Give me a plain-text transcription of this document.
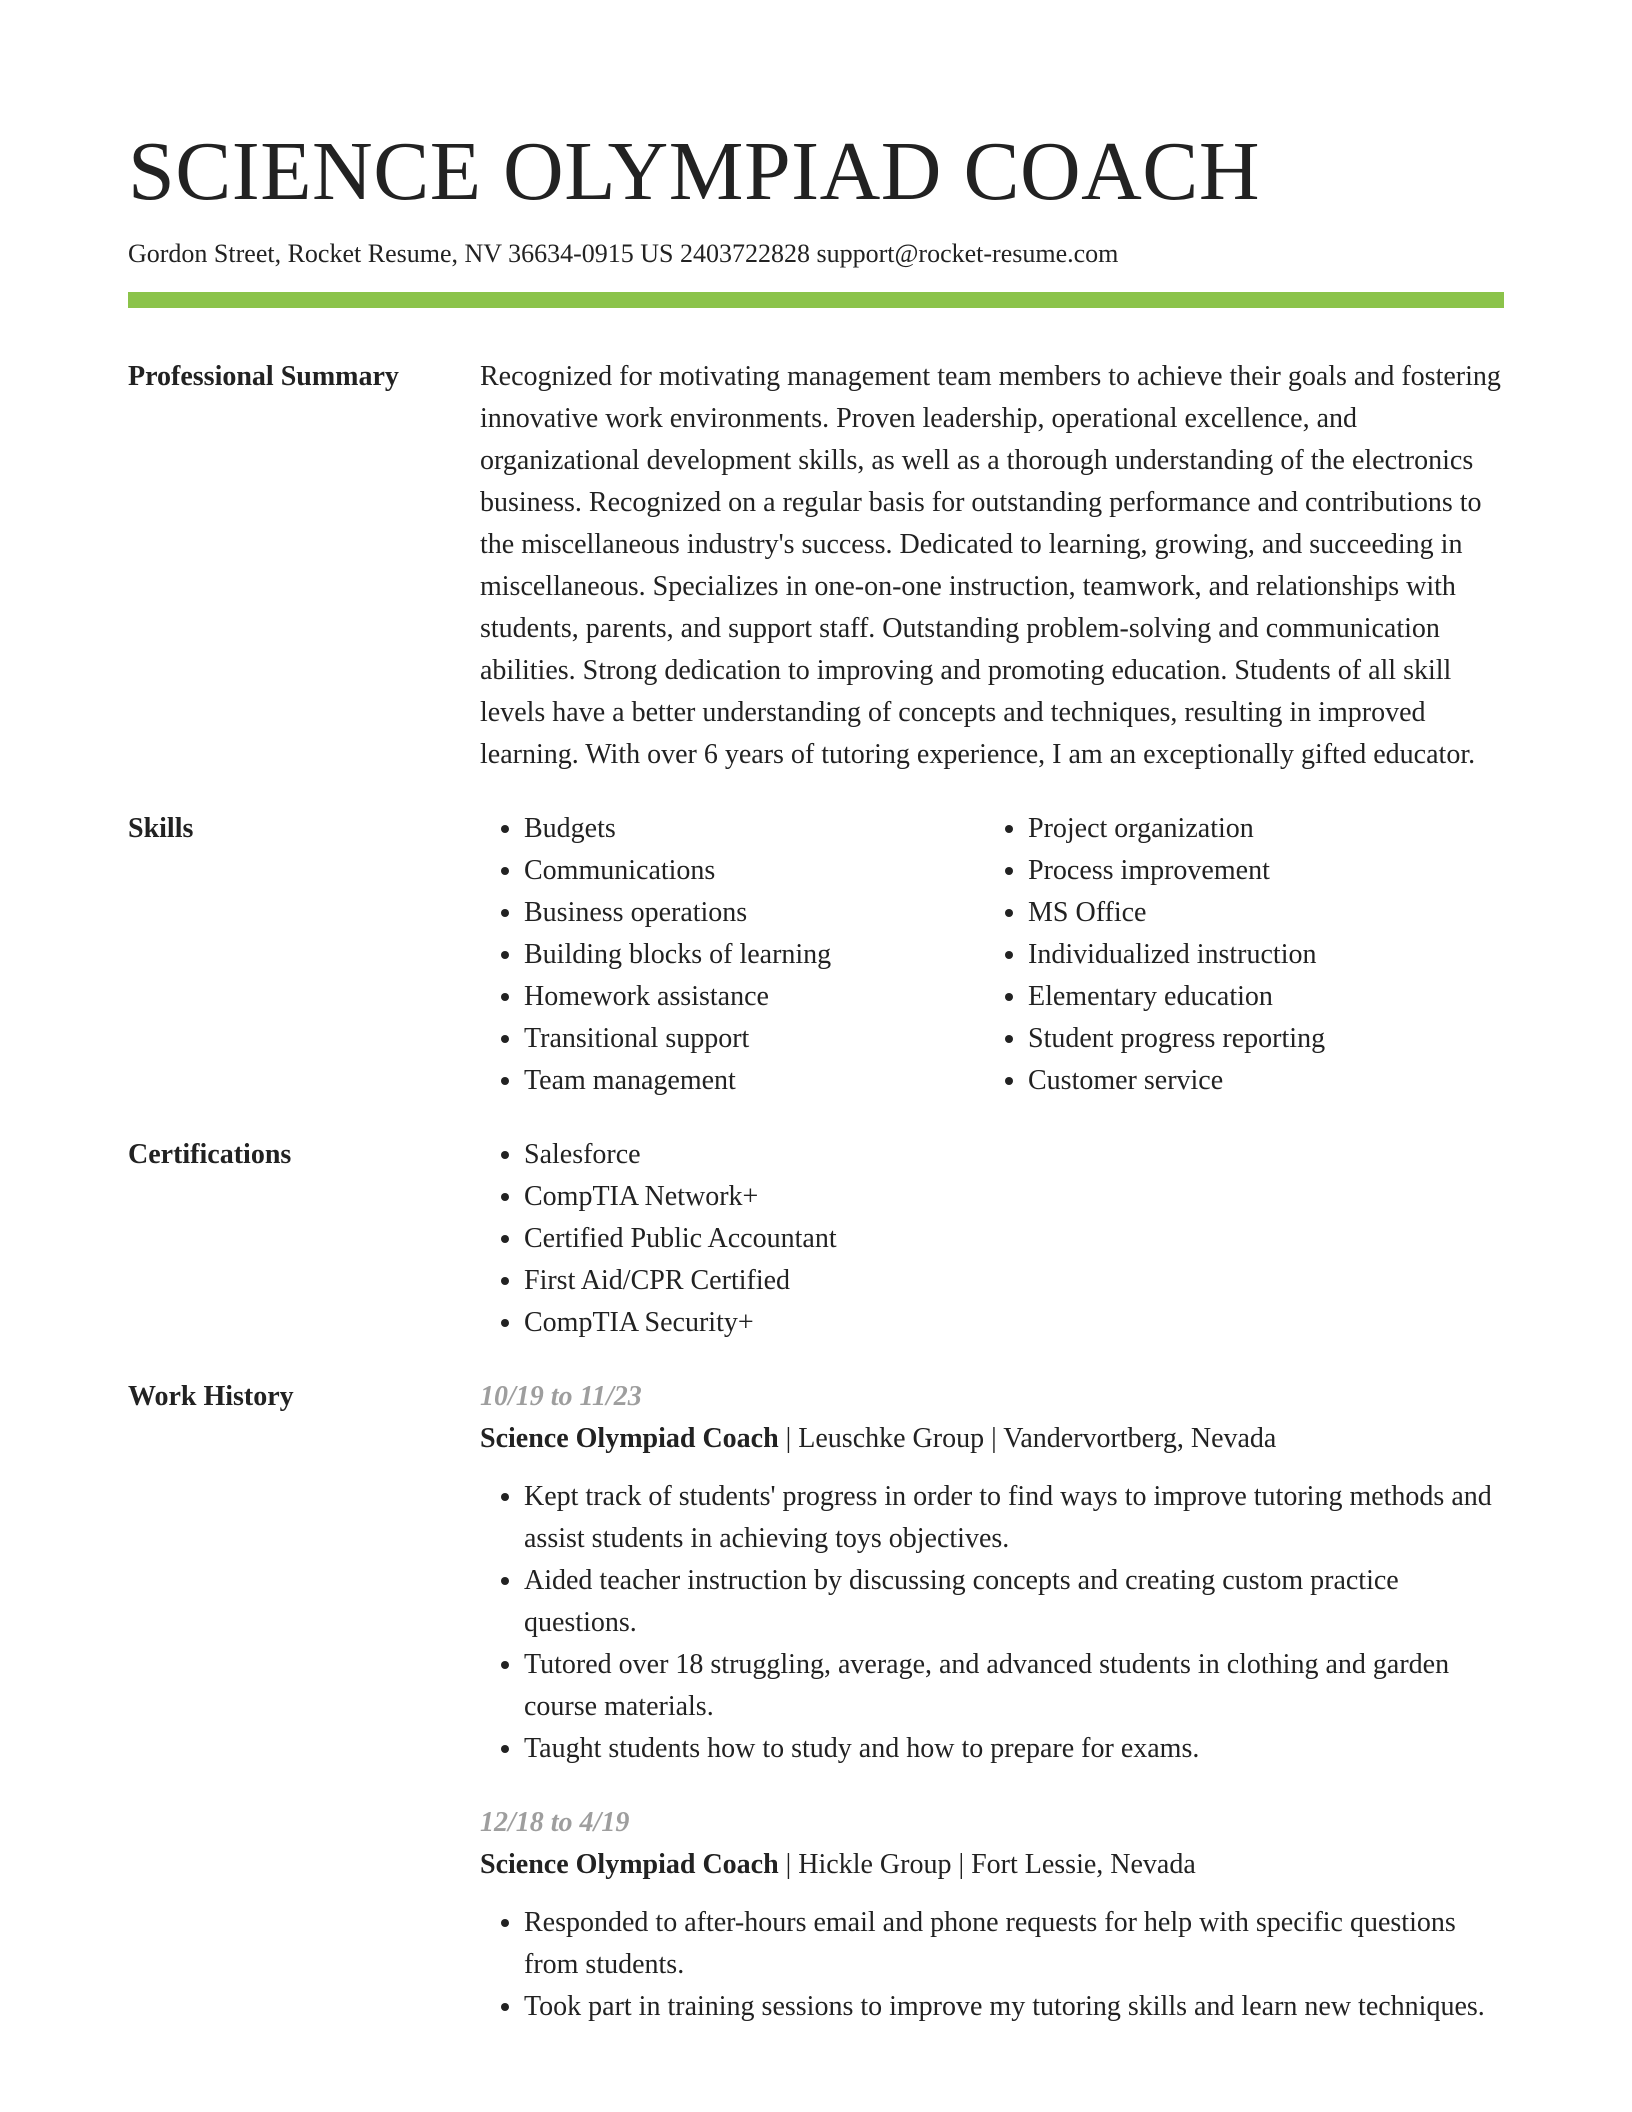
SCIENCE OLYMPIAD COACH
Gordon Street, Rocket Resume, NV 36634-0915 US 2403722828 support@rocket-resume.com
Professional Summary	Recognized for motivating management team members to achieve their goals and fostering innovative work environments. Proven leadership, operational excellence, and organizational development skills, as well as a thorough understanding of the electronics business. Recognized on a regular basis for outstanding performance and contributions to the miscellaneous industry's success. Dedicated to learning, growing, and succeeding in miscellaneous. Specializes in one-on-one instruction, teamwork, and relationships with students, parents, and support staff. Outstanding problem-solving and communication abilities. Strong dedication to improving and promoting education. Students of all skill levels have a better understanding of concepts and techniques, resulting in improved learning. With over 6 years of tutoring experience, I am an exceptionally gifted educator.

Skills	• Budgets
• Communications
• Business operations
• Building blocks of learning
• Homework assistance
• Transitional support
• Team management
• Project organization
• Process improvement
• MS Office
• Individualized instruction
• Elementary education
• Student progress reporting
• Customer service
Certifications	• Salesforce
• CompTIA Network+
• Certified Public Accountant
• First Aid/CPR Certified
• CompTIA Security+
Work History	10/19 to 11/23
Science Olympiad Coach | Leuschke Group | Vandervortberg, Nevada
• Kept track of students' progress in order to find ways to improve tutoring methods and assist students in achieving toys objectives.
• Aided teacher instruction by discussing concepts and creating custom practice questions.
• Tutored over 18 struggling, average, and advanced students in clothing and garden course materials.
• Taught students how to study and how to prepare for exams.
12/18 to 4/19
Science Olympiad Coach | Hickle Group | Fort Lessie, Nevada
• Responded to after-hours email and phone requests for help with specific questions from students.
• Took part in training sessions to improve my tutoring skills and learn new techniques.
